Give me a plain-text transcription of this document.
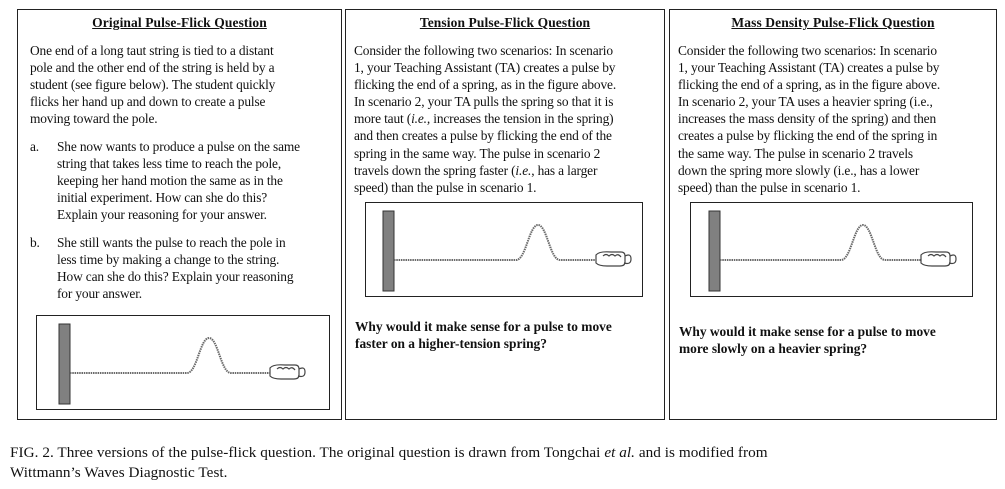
Original Pulse-Flick Question
One end of a long taut string is tied to a distant
pole and the other end of the string is held by a
student (see figure below). The student quickly
flicks her hand up and down to create a pulse
moving toward the pole.
a. She now wants to produce a pulse on the same
string that takes less time to reach the pole,
keeping her hand motion the same as in the
initial experiment. How can she do this?
Explain your reasoning for your answer.
b. She still wants the pulse to reach the pole in
less time by making a change to the string.
How can she do this? Explain your reasoning
for your answer.
Tension Pulse-Flick Question
Consider the following two scenarios: In scenario
1, your Teaching Assistant (TA) creates a pulse by
flicking the end of a spring, as in the figure above.
In scenario 2, your TA pulls the spring so that it is
more taut (i.e., increases the tension in the spring)
and then creates a pulse by flicking the end of the
spring in the same way. The pulse in scenario 2
travels down the spring faster (i.e., has a larger
speed) than the pulse in scenario 1.
Why would it make sense for a pulse to move
faster on a higher-tension spring?
Mass Density Pulse-Flick Question
Consider the following two scenarios: In scenario
1, your Teaching Assistant (TA) creates a pulse by
flicking the end of a spring, as in the figure above.
In scenario 2, your TA uses a heavier spring (i.e.,
increases the mass density of the spring) and then
creates a pulse by flicking the end of the spring in
the same way. The pulse in scenario 2 travels
down the spring more slowly (i.e., has a lower
speed) than the pulse in scenario 1.
Why would it make sense for a pulse to move
more slowly on a heavier spring?
FIG. 2. Three versions of the pulse-flick question. The original question is drawn from Tongchai et al. and is modified from
Wittmann’s Waves Diagnostic Test.
